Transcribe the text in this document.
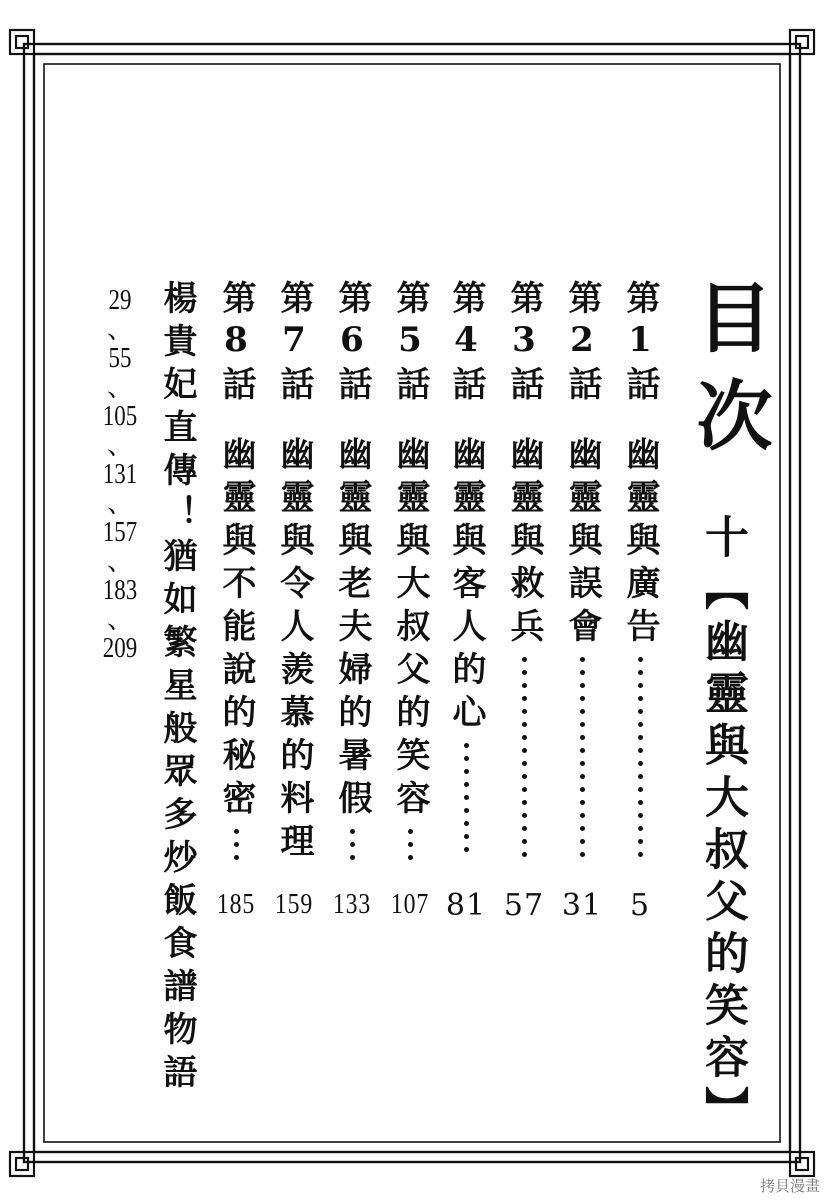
目次
十【幽靈與大叔父的笑容】
第1話
幽靈與廣告
5
第2話
幽靈與誤會
31
第3話
幽靈與救兵
57
第4話
幽靈與客人的心
81
第5話
幽靈與大叔父的笑容
107
第6話
幽靈與老夫婦的暑假
133
第7話
幽靈與令人羨慕的料理
159
第8話
幽靈與不能說的秘密
185
楊貴妃直傳！猶如繁星般眾多炒飯食譜物語
29
、
55
、
105
、
131
、
157
、
183
、
209
拷貝漫畫
